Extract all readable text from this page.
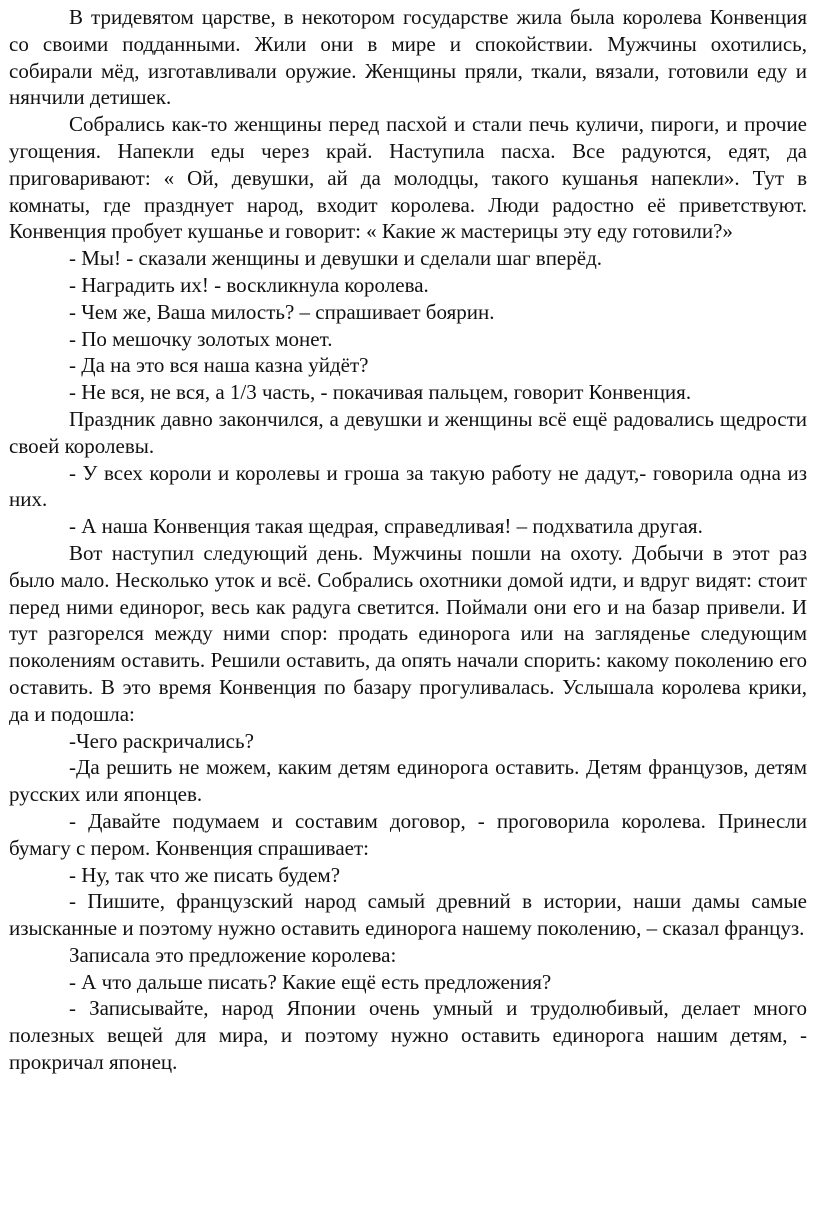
В тридевятом царстве, в некотором государстве жила была королева Конвенция со своими подданными. Жили они в мире и спокойствии. Мужчины охотились, собирали мёд, изготавливали оружие. Женщины пряли, ткали, вязали, готовили еду и нянчили детишек.

Собрались как-то женщины перед пасхой и стали печь куличи, пироги, и прочие угощения. Напекли еды через край. Наступила пасха. Все радуются, едят, да приговаривают: « Ой, девушки, ай да молодцы, такого кушанья напекли». Тут в комнаты, где празднует народ, входит королева. Люди радостно её приветствуют. Конвенция пробует кушанье и говорит: « Какие ж мастерицы эту еду готовили?»

- Мы! - сказали женщины и девушки и сделали шаг вперёд.

- Наградить их! - воскликнула королева.

- Чем же, Ваша милость? – спрашивает боярин.

- По мешочку золотых монет.

- Да на это вся наша казна уйдёт?

- Не вся, не вся, а 1/3 часть, - покачивая пальцем, говорит Конвенция.

Праздник давно закончился, а девушки и женщины всё ещё радовались щедрости своей королевы.

- У всех короли и королевы и гроша за такую работу не дадут,- говорила одна из них.

- А наша Конвенция такая щедрая, справедливая! – подхватила другая.

Вот наступил следующий день. Мужчины пошли на охоту. Добычи в этот раз было мало. Несколько уток и всё. Собрались охотники домой идти, и вдруг видят: стоит перед ними единорог, весь как радуга светится. Поймали они его и на базар привели. И тут разгорелся между ними спор: продать единорога или на загляденье следующим поколениям оставить. Решили оставить, да опять начали спорить: какому поколению его оставить. В это время Конвенция по базару прогуливалась. Услышала королева крики, да и подошла:

-Чего раскричались?

-Да решить не можем, каким детям единорога оставить. Детям французов, детям русских или японцев.

- Давайте подумаем и составим договор, - проговорила королева. Принесли бумагу с пером. Конвенция спрашивает:

- Ну, так что же писать будем?

- Пишите, французский народ самый древний в истории, наши дамы самые изысканные и поэтому нужно оставить единорога нашему поколению, – сказал француз.

Записала это предложение королева:

- А что дальше писать? Какие ещё есть предложения?

- Записывайте, народ Японии очень умный и трудолюбивый, делает много полезных вещей для мира, и поэтому нужно оставить единорога нашим детям, - прокричал японец.
